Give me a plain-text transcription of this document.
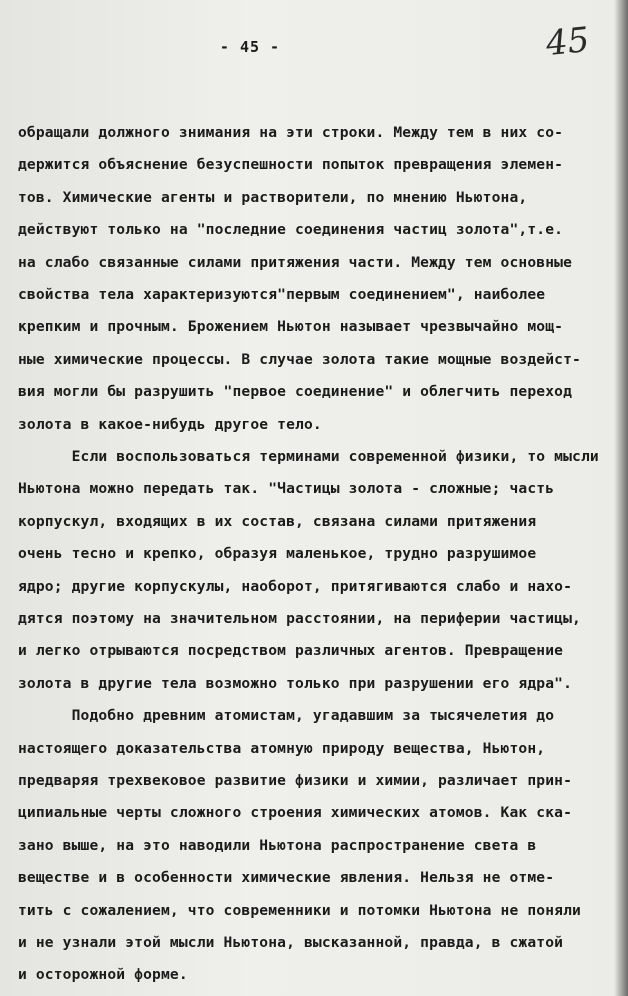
- 45 -	45
обращали должного знимания на эти строки. Между тем в них со-
держится объяснение безуспешности попыток превращения элемен-
тов. Химические агенты и растворители, по мнению Ньютона,
действуют только на "последние соединения частиц золота",т.е.
на слабо связанные силами притяжения части. Между тем основные
свойства тела характеризуются"первым соединением", наиболее
крепким и прочным. Брожением Ньютон называет чрезвычайно мощ-
ные химические процессы. В случае золота такие мощные воздейст-
вия могли бы разрушить "первое соединение" и облегчить переход
золота в какое-нибудь другое тело.
Если воспользоваться терминами современной физики, то мысли
Ньютона можно передать так. "Частицы золота - сложные; часть
корпускул, входящих в их состав, связана силами притяжения
очень тесно и крепко, образуя маленькое, трудно разрушимое
ядро; другие корпускулы, наоборот, притягиваются слабо и нахо-
дятся поэтому на значительном расстоянии, на периферии частицы,
и легко отрываются посредством различных агентов. Превращение
золота в другие тела возможно только при разрушении его ядра".
Подобно древним атомистам, угадавшим за тысячелетия до
настоящего доказательства атомную природу вещества, Ньютон,
предваряя трехвековое развитие физики и химии, различает прин-
ципиальные черты сложного строения химических атомов. Как ска-
зано выше, на это наводили Ньютона распространение света в
веществе и в особенности химические явления. Нельзя не отме-
тить с сожалением, что современники и потомки Ньютона не поняли
и не узнали этой мысли Ньютона, высказанной, правда, в сжатой
и осторожной форме.
